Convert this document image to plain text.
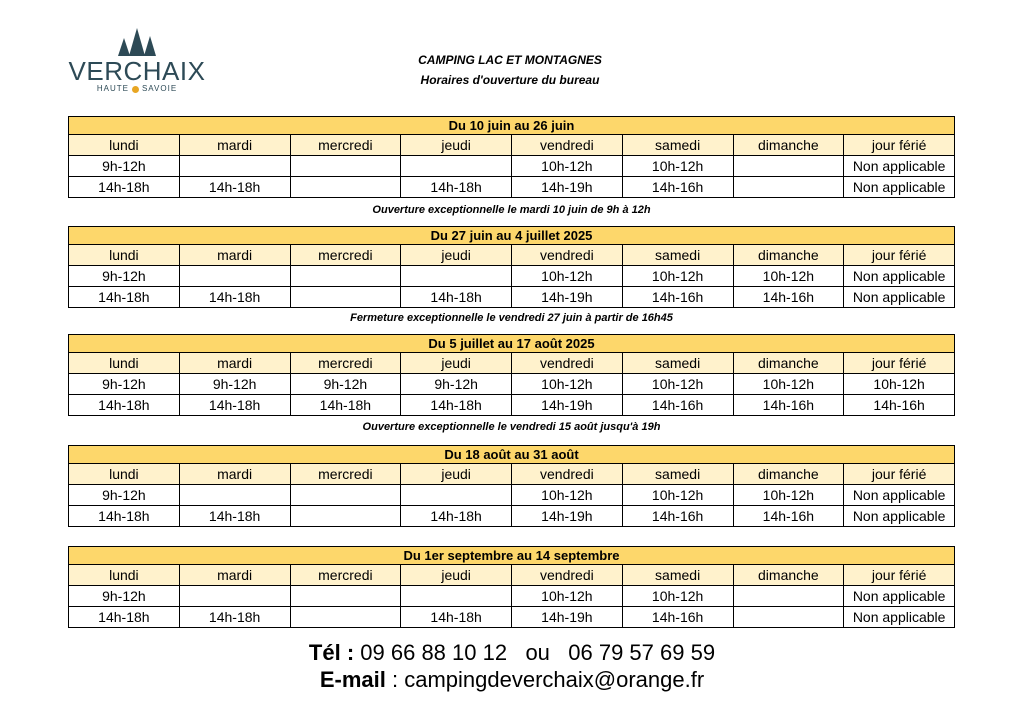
VERCHAIX
HAUTE SAVOIE
CAMPING LAC ET MONTAGNES
Horaires d'ouverture du bureau
Du 10 juin au 26 juin							
lundi	mardi	mercredi	jeudi	vendredi	samedi	dimanche	jour férié
9h-12h				10h-12h	10h-12h		Non applicable
14h-18h	14h-18h		14h-18h	14h-19h	14h-16h		Non applicable
Ouverture exceptionnelle le mardi 10 juin de 9h à 12h
Du 27 juin au 4 juillet 2025							
lundi	mardi	mercredi	jeudi	vendredi	samedi	dimanche	jour férié
9h-12h				10h-12h	10h-12h	10h-12h	Non applicable
14h-18h	14h-18h		14h-18h	14h-19h	14h-16h	14h-16h	Non applicable
Fermeture exceptionnelle le vendredi 27 juin à partir de 16h45
Du 5 juillet au 17 août 2025							
lundi	mardi	mercredi	jeudi	vendredi	samedi	dimanche	jour férié
9h-12h	9h-12h	9h-12h	9h-12h	10h-12h	10h-12h	10h-12h	10h-12h
14h-18h	14h-18h	14h-18h	14h-18h	14h-19h	14h-16h	14h-16h	14h-16h
Ouverture exceptionnelle le vendredi 15 août jusqu'à 19h
Du 18 août au 31 août							
lundi	mardi	mercredi	jeudi	vendredi	samedi	dimanche	jour férié
9h-12h				10h-12h	10h-12h	10h-12h	Non applicable
14h-18h	14h-18h		14h-18h	14h-19h	14h-16h	14h-16h	Non applicable
Du 1er septembre au 14 septembre							
lundi	mardi	mercredi	jeudi	vendredi	samedi	dimanche	jour férié
9h-12h				10h-12h	10h-12h		Non applicable
14h-18h	14h-18h		14h-18h	14h-19h	14h-16h		Non applicable
Tél : 09 66 88 10 12 ou 06 79 57 69 59
E-mail : campingdeverchaix@orange.fr
